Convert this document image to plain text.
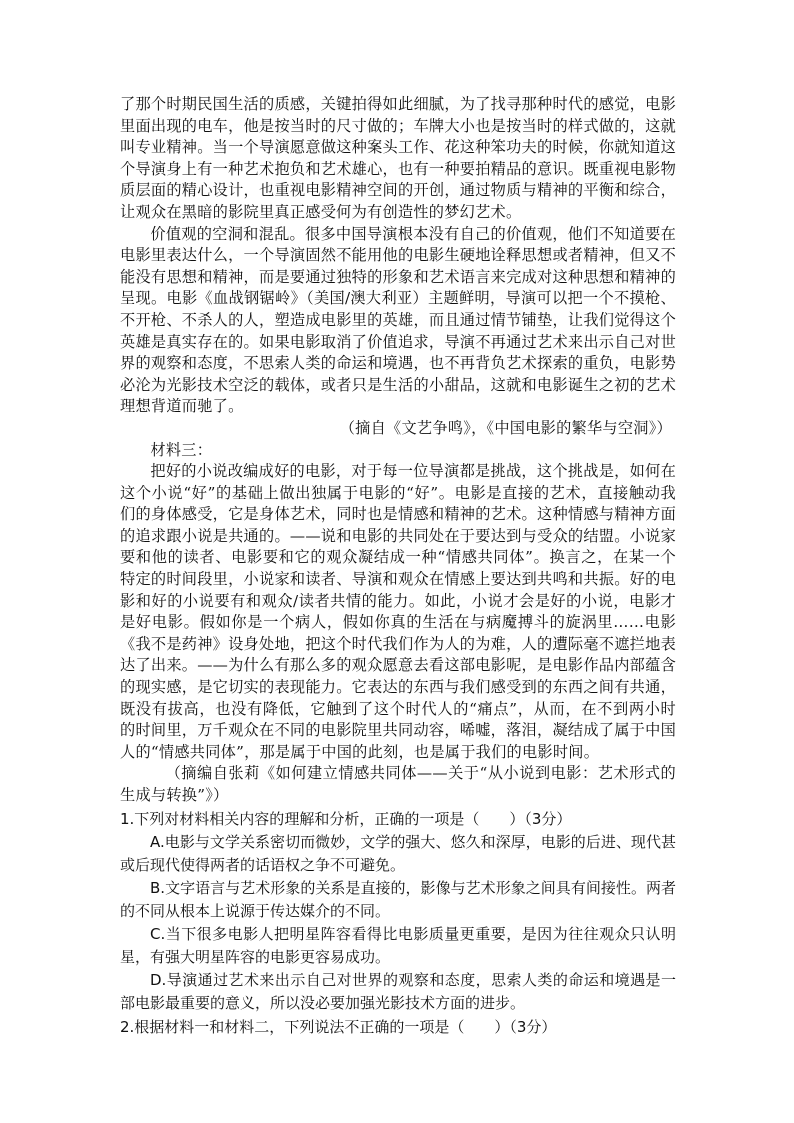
了那个时期民国生活的质感，关键拍得如此细腻，为了找寻那种时代的感觉，电影里面出现的电车，他是按当时的尺寸做的；车牌大小也是按当时的样式做的，这就叫专业精神。当一个导演愿意做这种案头工作、花这种笨功夫的时候，你就知道这个导演身上有一种艺术抱负和艺术雄心，也有一种要拍精品的意识。既重视电影物质层面的精心设计，也重视电影精神空间的开创，通过物质与精神的平衡和综合，让观众在黑暗的影院里真正感受何为有创造性的梦幻艺术。

价值观的空洞和混乱。很多中国导演根本没有自己的价值观，他们不知道要在电影里表达什么，一个导演固然不能用他的电影生硬地诠释思想或者精神，但又不能没有思想和精神，而是要通过独特的形象和艺术语言来完成对这种思想和精神的呈现。电影《血战钢锯岭》（美国/澳大利亚）主题鲜明，导演可以把一个不摸枪、不开枪、不杀人的人，塑造成电影里的英雄，而且通过情节铺垫，让我们觉得这个英雄是真实存在的。如果电影取消了价值追求，导演不再通过艺术来出示自己对世界的观察和态度，不思索人类的命运和境遇，也不再背负艺术探索的重负，电影势必沦为光影技术空泛的载体，或者只是生活的小甜品，这就和电影诞生之初的艺术理想背道而驰了。

（摘自《文艺争鸣》，《中国电影的繁华与空洞》）

材料三：

把好的小说改编成好的电影，对于每一位导演都是挑战，这个挑战是，如何在这个小说“好”的基础上做出独属于电影的“好”。电影是直接的艺术，直接触动我们的身体感受，它是身体艺术，同时也是情感和精神的艺术。这种情感与精神方面的追求跟小说是共通的。——说和电影的共同处在于要达到与受众的结盟。小说家要和他的读者、电影要和它的观众凝结成一种“情感共同体”。换言之，在某一个特定的时间段里，小说家和读者、导演和观众在情感上要达到共鸣和共振。好的电影和好的小说要有和观众/读者共情的能力。如此，小说才会是好的小说，电影才是好电影。假如你是一个病人，假如你真的生活在与病魔搏斗的旋涡里……电影《我不是药神》设身处地，把这个时代我们作为人的为难，人的遭际毫不遮拦地表达了出来。——为什么有那么多的观众愿意去看这部电影呢，是电影作品内部蕴含的现实感，是它切实的表现能力。它表达的东西与我们感受到的东西之间有共通，既没有拔高，也没有降低，它触到了这个时代人的“痛点”，从而，在不到两小时的时间里，万千观众在不同的电影院里共同动容，唏嘘，落泪，凝结成了属于中国人的“情感共同体”，那是属于中国的此刻，也是属于我们的电影时间。

（摘编自张莉《如何建立情感共同体——关于“从小说到电影：艺术形式的生成与转换”》）

1.下列对材料相关内容的理解和分析，正确的一项是（　　）（3分）

A.电影与文学关系密切而微妙，文学的强大、悠久和深厚，电影的后进、现代甚或后现代使得两者的话语权之争不可避免。

B.文字语言与艺术形象的关系是直接的，影像与艺术形象之间具有间接性。两者的不同从根本上说源于传达媒介的不同。

C.当下很多电影人把明星阵容看得比电影质量更重要，是因为往往观众只认明星，有强大明星阵容的电影更容易成功。

D.导演通过艺术来出示自己对世界的观察和态度，思索人类的命运和境遇是一部电影最重要的意义，所以没必要加强光影技术方面的进步。

2.根据材料一和材料二，下列说法不正确的一项是（　　）（3分）
